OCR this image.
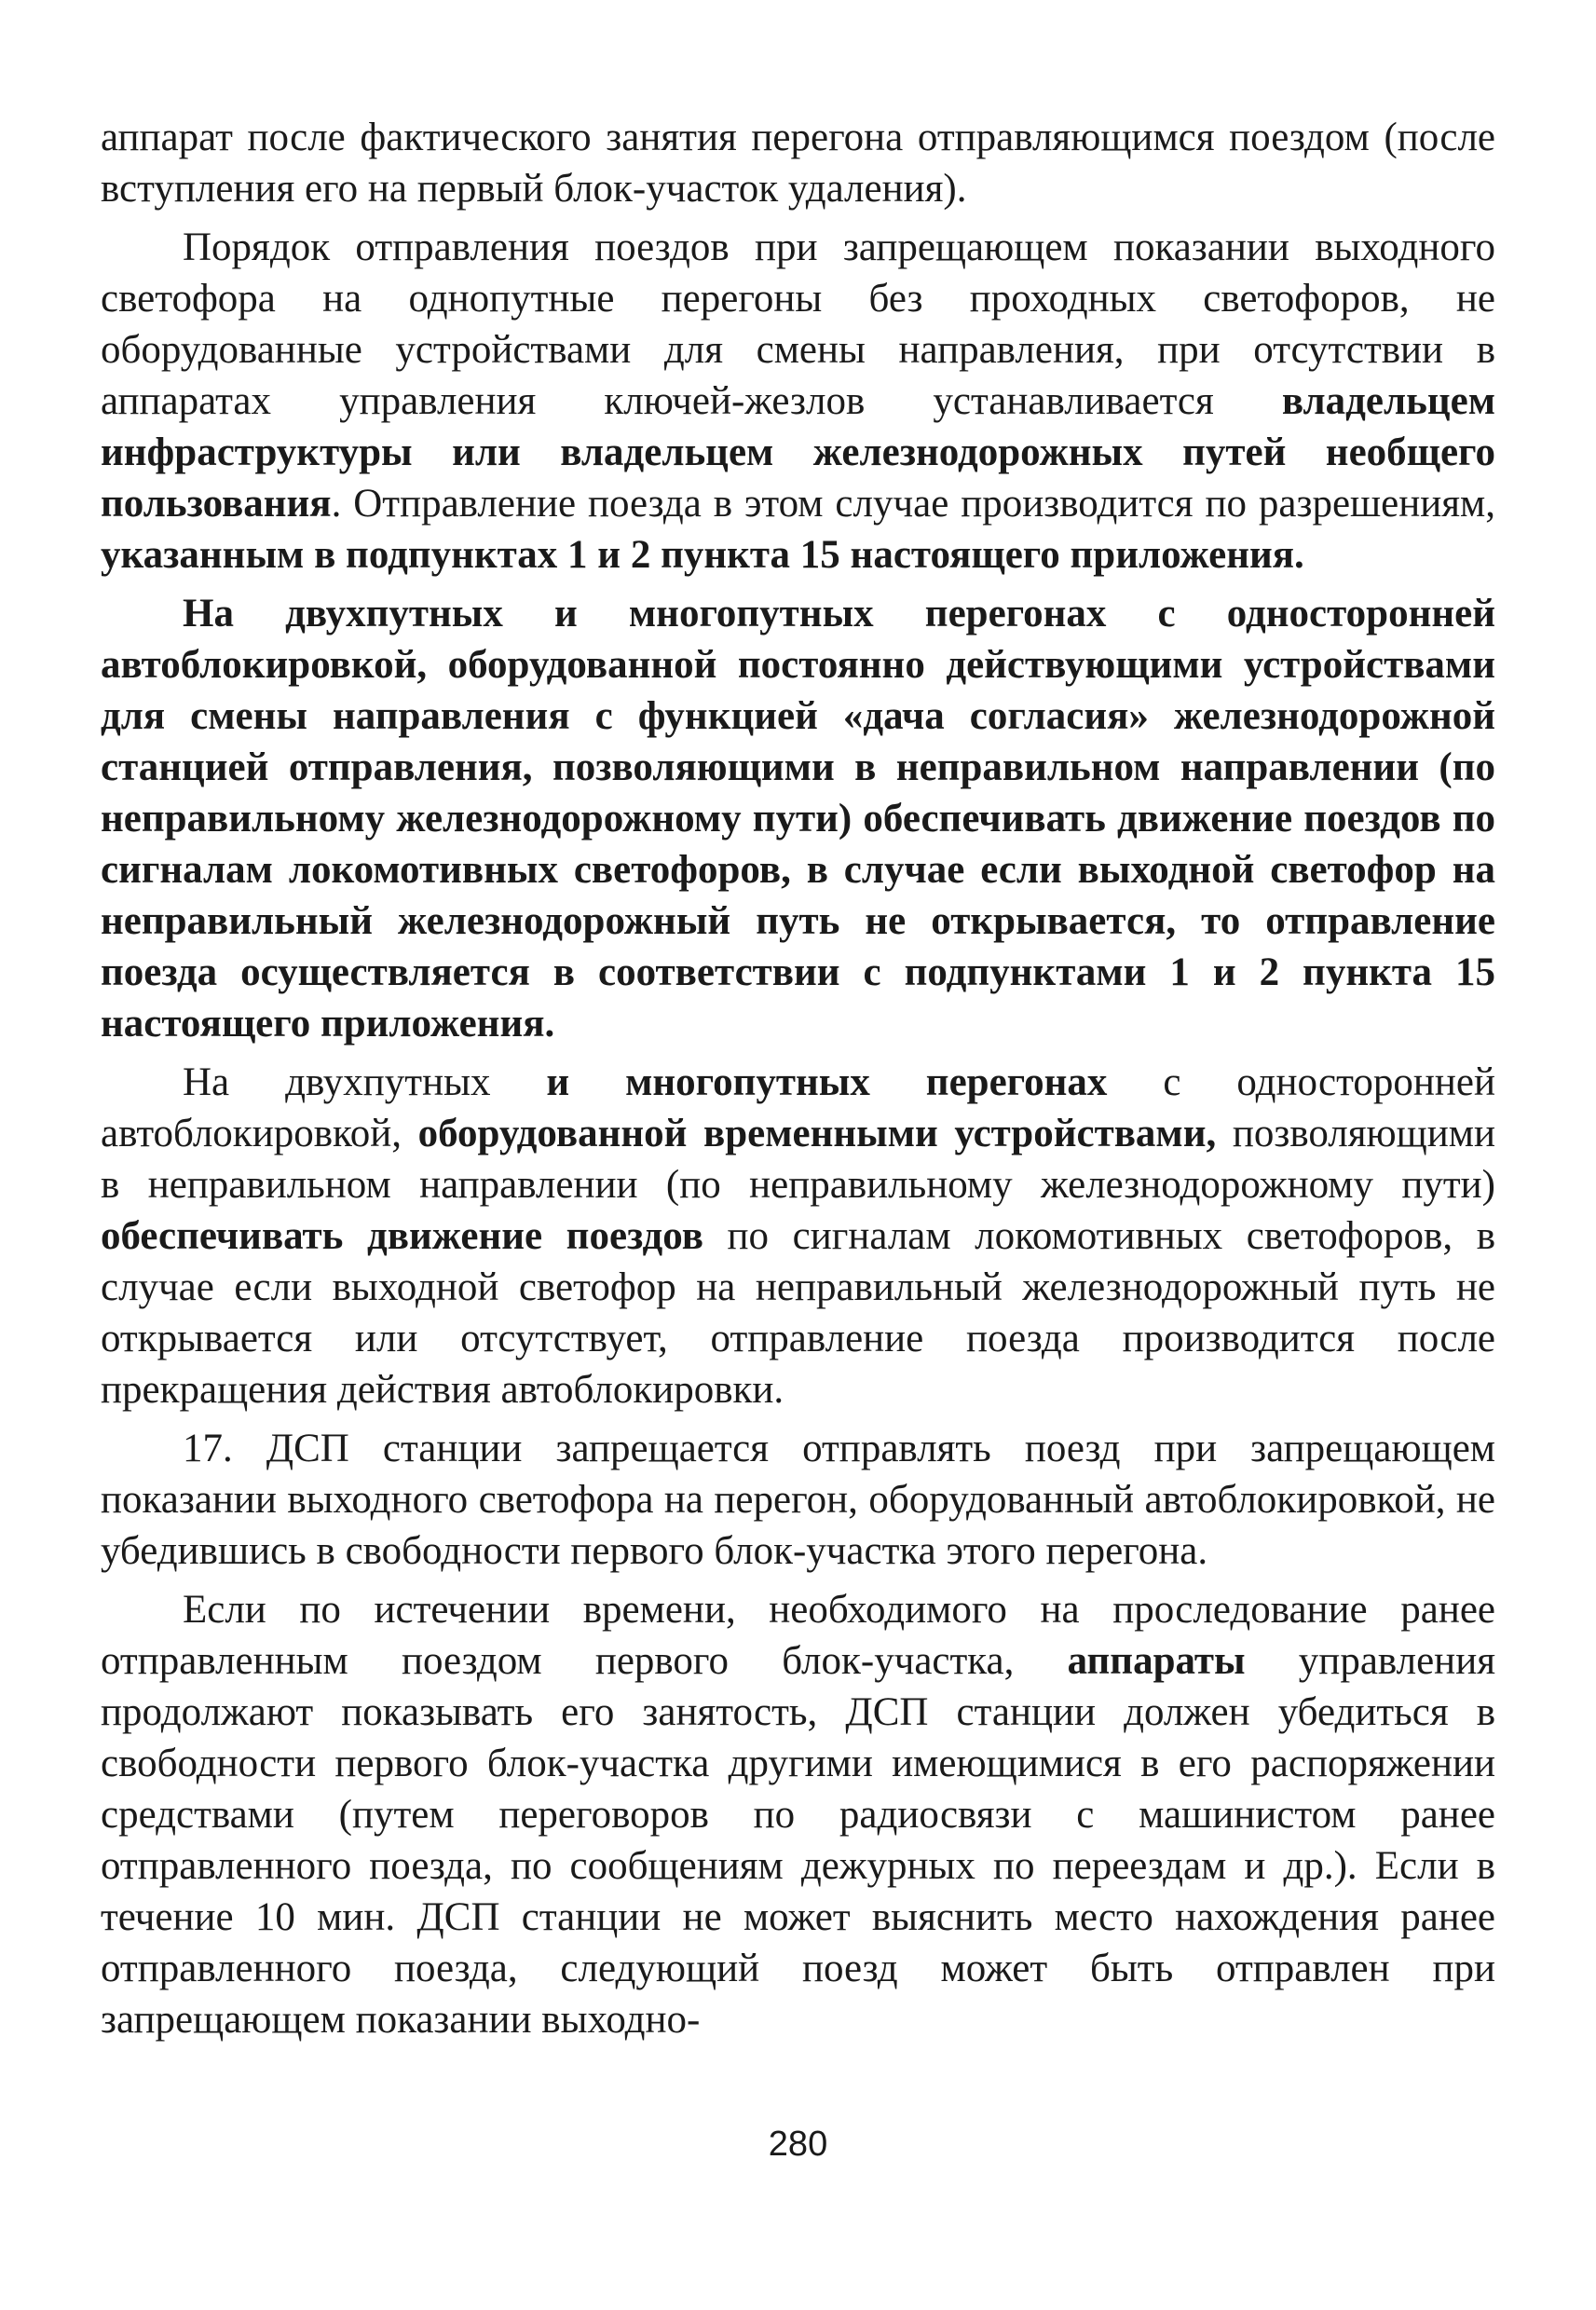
аппарат после фактического занятия перегона отправляющимся поездом (после вступления его на первый блок-участок удаления).

Порядок отправления поездов при запрещающем показании выходного светофора на однопутные перегоны без проходных светофоров, не оборудованные устройствами для смены направления, при отсутствии в аппаратах управления ключей-жезлов устанавливается владельцем инфраструктуры или владельцем железнодорожных путей необщего пользования. Отправление поезда в этом случае производится по разрешениям, указанным в подпунктах 1 и 2 пункта 15 настоящего приложения.

На двухпутных и многопутных перегонах с односторонней автоблокировкой, оборудованной постоянно действующими устройствами для смены направления с функцией «дача согласия» железнодорожной станцией отправления, позволяющими в неправильном направлении (по неправильному железнодорожному пути) обеспечивать движение поездов по сигналам локомотивных светофоров, в случае если выходной светофор на неправильный железнодорожный путь не открывается, то отправление поезда осуществляется в соответствии с подпунктами 1 и 2 пункта 15 настоящего приложения.

На двухпутных и многопутных перегонах с односторонней автоблокировкой, оборудованной временными устройствами, позволяющими в неправильном направлении (по неправильному железнодорожному пути) обеспечивать движение поездов по сигналам локомотивных светофоров, в случае если выходной светофор на неправильный железнодорожный путь не открывается или отсутствует, отправление поезда производится после прекращения действия автоблокировки.

17. ДСП станции запрещается отправлять поезд при запрещающем показании выходного светофора на перегон, оборудованный автоблокировкой, не убедившись в свободности первого блок-участка этого перегона.

Если по истечении времени, необходимого на проследование ранее отправленным поездом первого блок-участка, аппараты управления продолжают показывать его занятость, ДСП станции должен убедиться в свободности первого блок-участка другими имеющимися в его распоряжении средствами (путем переговоров по радиосвязи с машинистом ранее отправленного поезда, по сообщениям дежурных по переездам и др.). Если в течение 10 мин. ДСП станции не может выяснить место нахождения ранее отправленного поезда, следующий поезд может быть отправлен при запрещающем показании выходно-

280
